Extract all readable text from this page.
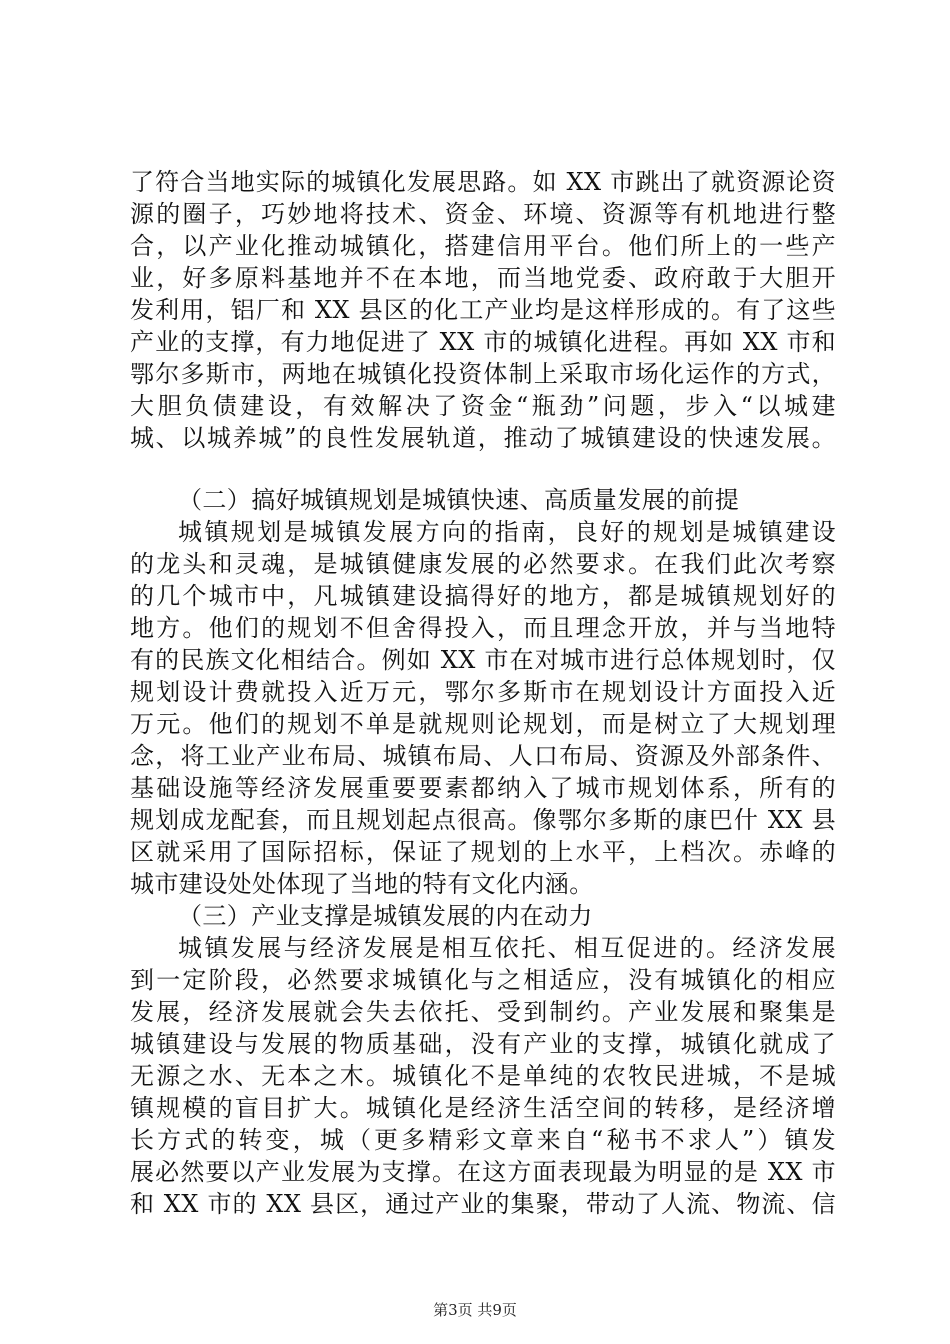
了符合当地实际的城镇化发展思路。如 XX 市跳出了就资源论资
源的圈子，巧妙地将技术、资金、环境、资源等有机地进行整
合，以产业化推动城镇化，搭建信用平台。他们所上的一些产
业，好多原料基地并不在本地，而当地党委、政府敢于大胆开
发利用，铝厂和 XX 县区的化工产业均是这样形成的。有了这些
产业的支撑，有力地促进了 XX 市的城镇化进程。再如 XX 市和
鄂尔多斯市，两地在城镇化投资体制上采取市场化运作的方式，
大胆负债建设，有效解决了资金“瓶劲”问题，步入“以城建
城、以城养城”的良性发展轨道，推动了城镇建设的快速发展。
（二）搞好城镇规划是城镇快速、高质量发展的前提
城镇规划是城镇发展方向的指南，良好的规划是城镇建设
的龙头和灵魂，是城镇健康发展的必然要求。在我们此次考察
的几个城市中，凡城镇建设搞得好的地方，都是城镇规划好的
地方。他们的规划不但舍得投入，而且理念开放，并与当地特
有的民族文化相结合。例如 XX 市在对城市进行总体规划时，仅
规划设计费就投入近万元，鄂尔多斯市在规划设计方面投入近
万元。他们的规划不单是就规则论规划，而是树立了大规划理
念，将工业产业布局、城镇布局、人口布局、资源及外部条件、
基础设施等经济发展重要要素都纳入了城市规划体系，所有的
规划成龙配套，而且规划起点很高。像鄂尔多斯的康巴什 XX 县
区就采用了国际招标，保证了规划的上水平，上档次。赤峰的
城市建设处处体现了当地的特有文化内涵。
（三）产业支撑是城镇发展的内在动力
城镇发展与经济发展是相互依托、相互促进的。经济发展
到一定阶段，必然要求城镇化与之相适应，没有城镇化的相应
发展，经济发展就会失去依托、受到制约。产业发展和聚集是
城镇建设与发展的物质基础，没有产业的支撑，城镇化就成了
无源之水、无本之木。城镇化不是单纯的农牧民进城，不是城
镇规模的盲目扩大。城镇化是经济生活空间的转移，是经济增
长方式的转变，城（更多精彩文章来自“秘书不求人”）镇发
展必然要以产业发展为支撑。在这方面表现最为明显的是 XX 市
和 XX 市的 XX 县区，通过产业的集聚，带动了人流、物流、信
第3页 共9页
